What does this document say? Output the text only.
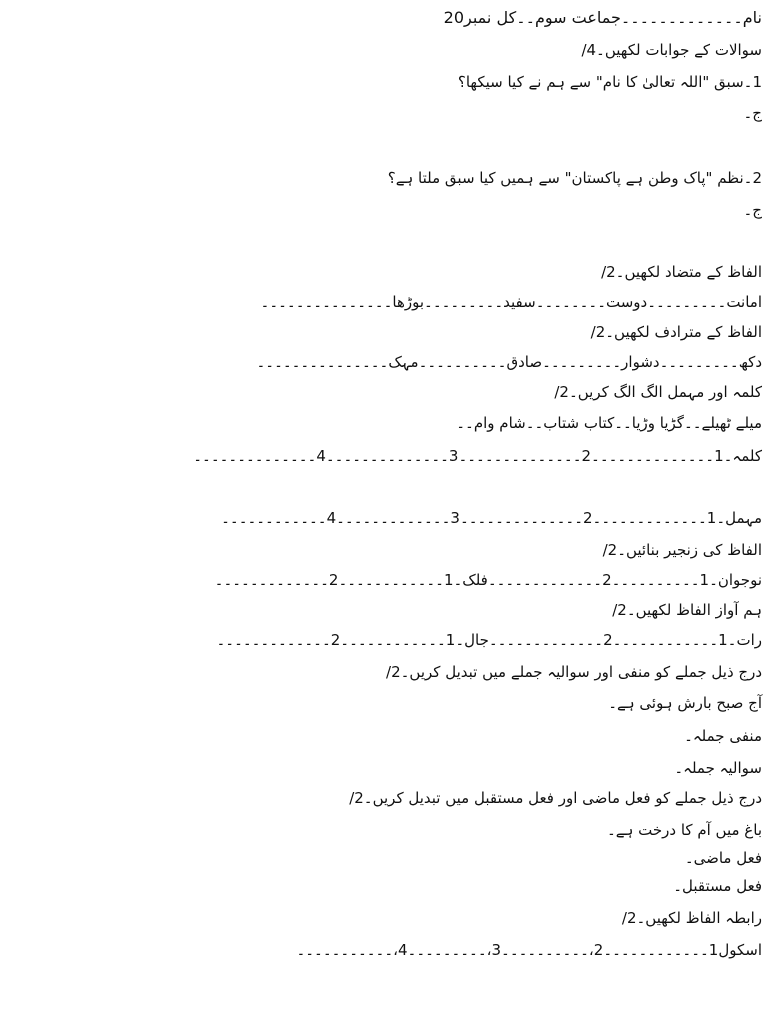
نام۔۔۔۔۔۔۔۔۔۔۔۔۔جماعت سوم۔۔کل نمبر20
سوالات کے جوابات لکھیں۔4/
1۔سبق "اللہ تعالیٰ کا نام" سے ہم نے کیا سیکھا؟
ج۔
2۔نظم "پاک وطن ہے پاکستان" سے ہمیں کیا سبق ملتا ہے؟
ج۔
الفاظ کے متضاد لکھیں۔2/
امانت۔۔۔۔۔۔۔۔۔دوست۔۔۔۔۔۔۔۔سفید۔۔۔۔۔۔۔۔۔بوڑھا۔۔۔۔۔۔۔۔۔۔۔۔۔۔۔
الفاظ کے مترادف لکھیں۔2/
دکھ۔۔۔۔۔۔۔۔۔دشوار۔۔۔۔۔۔۔۔۔صادق۔۔۔۔۔۔۔۔۔۔مہک۔۔۔۔۔۔۔۔۔۔۔۔۔۔۔
کلمہ اور مہمل الگ الگ کریں۔2/
میلے ٹھیلے۔۔گڑیا وڑیا۔۔کتاب شتاب۔۔شام وام۔۔
کلمہ۔1۔۔۔۔۔۔۔۔۔۔۔۔۔۔2۔۔۔۔۔۔۔۔۔۔۔۔۔۔3۔۔۔۔۔۔۔۔۔۔۔۔۔۔4۔۔۔۔۔۔۔۔۔۔۔۔۔۔
مہمل۔1۔۔۔۔۔۔۔۔۔۔۔۔۔2۔۔۔۔۔۔۔۔۔۔۔۔۔۔3۔۔۔۔۔۔۔۔۔۔۔۔۔4۔۔۔۔۔۔۔۔۔۔۔۔
الفاظ کی زنجیر بنائیں۔2/
نوجوان۔1۔۔۔۔۔۔۔۔۔۔2۔۔۔۔۔۔۔۔۔۔۔۔۔فلک۔1۔۔۔۔۔۔۔۔۔۔۔۔2۔۔۔۔۔۔۔۔۔۔۔۔۔
ہم آواز الفاظ لکھیں۔2/
رات۔1۔۔۔۔۔۔۔۔۔۔۔۔2۔۔۔۔۔۔۔۔۔۔۔۔۔جال۔1۔۔۔۔۔۔۔۔۔۔۔۔2۔۔۔۔۔۔۔۔۔۔۔۔۔
درج ذیل جملے کو منفی اور سوالیہ جملے میں تبدیل کریں۔2/
آج صبح بارش ہوئی ہے۔
منفی جملہ۔
سوالیہ جملہ۔
درج ذیل جملے کو فعل ماضی اور فعل مستقبل میں تبدیل کریں۔2/
باغ میں آم کا درخت ہے۔
فعل ماضی۔
فعل مستقبل۔
رابطہ الفاظ لکھیں۔2/
اسکول1۔۔۔۔۔۔۔۔۔۔۔۔2،۔۔۔۔۔۔۔۔۔۔3،۔۔۔۔۔۔۔۔۔4،۔۔۔۔۔۔۔۔۔۔۔
